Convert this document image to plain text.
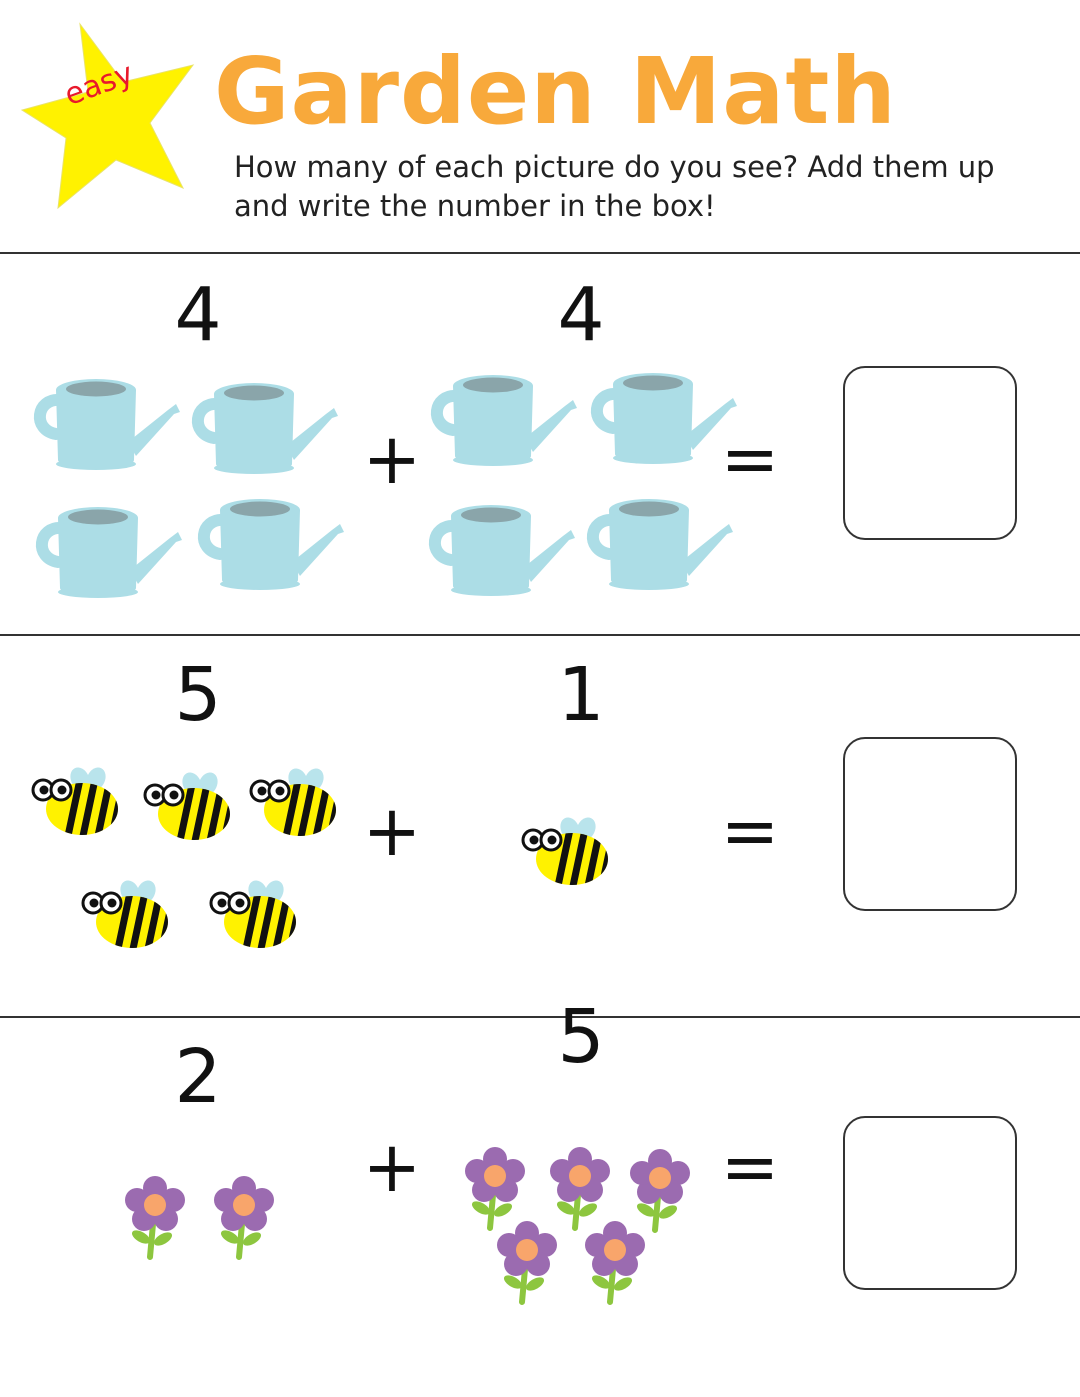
easy Garden Math
How many of each picture do you see? Add them up and write the number in the box!
4	4
+	=
5	1
+	=
2	5
+	=
